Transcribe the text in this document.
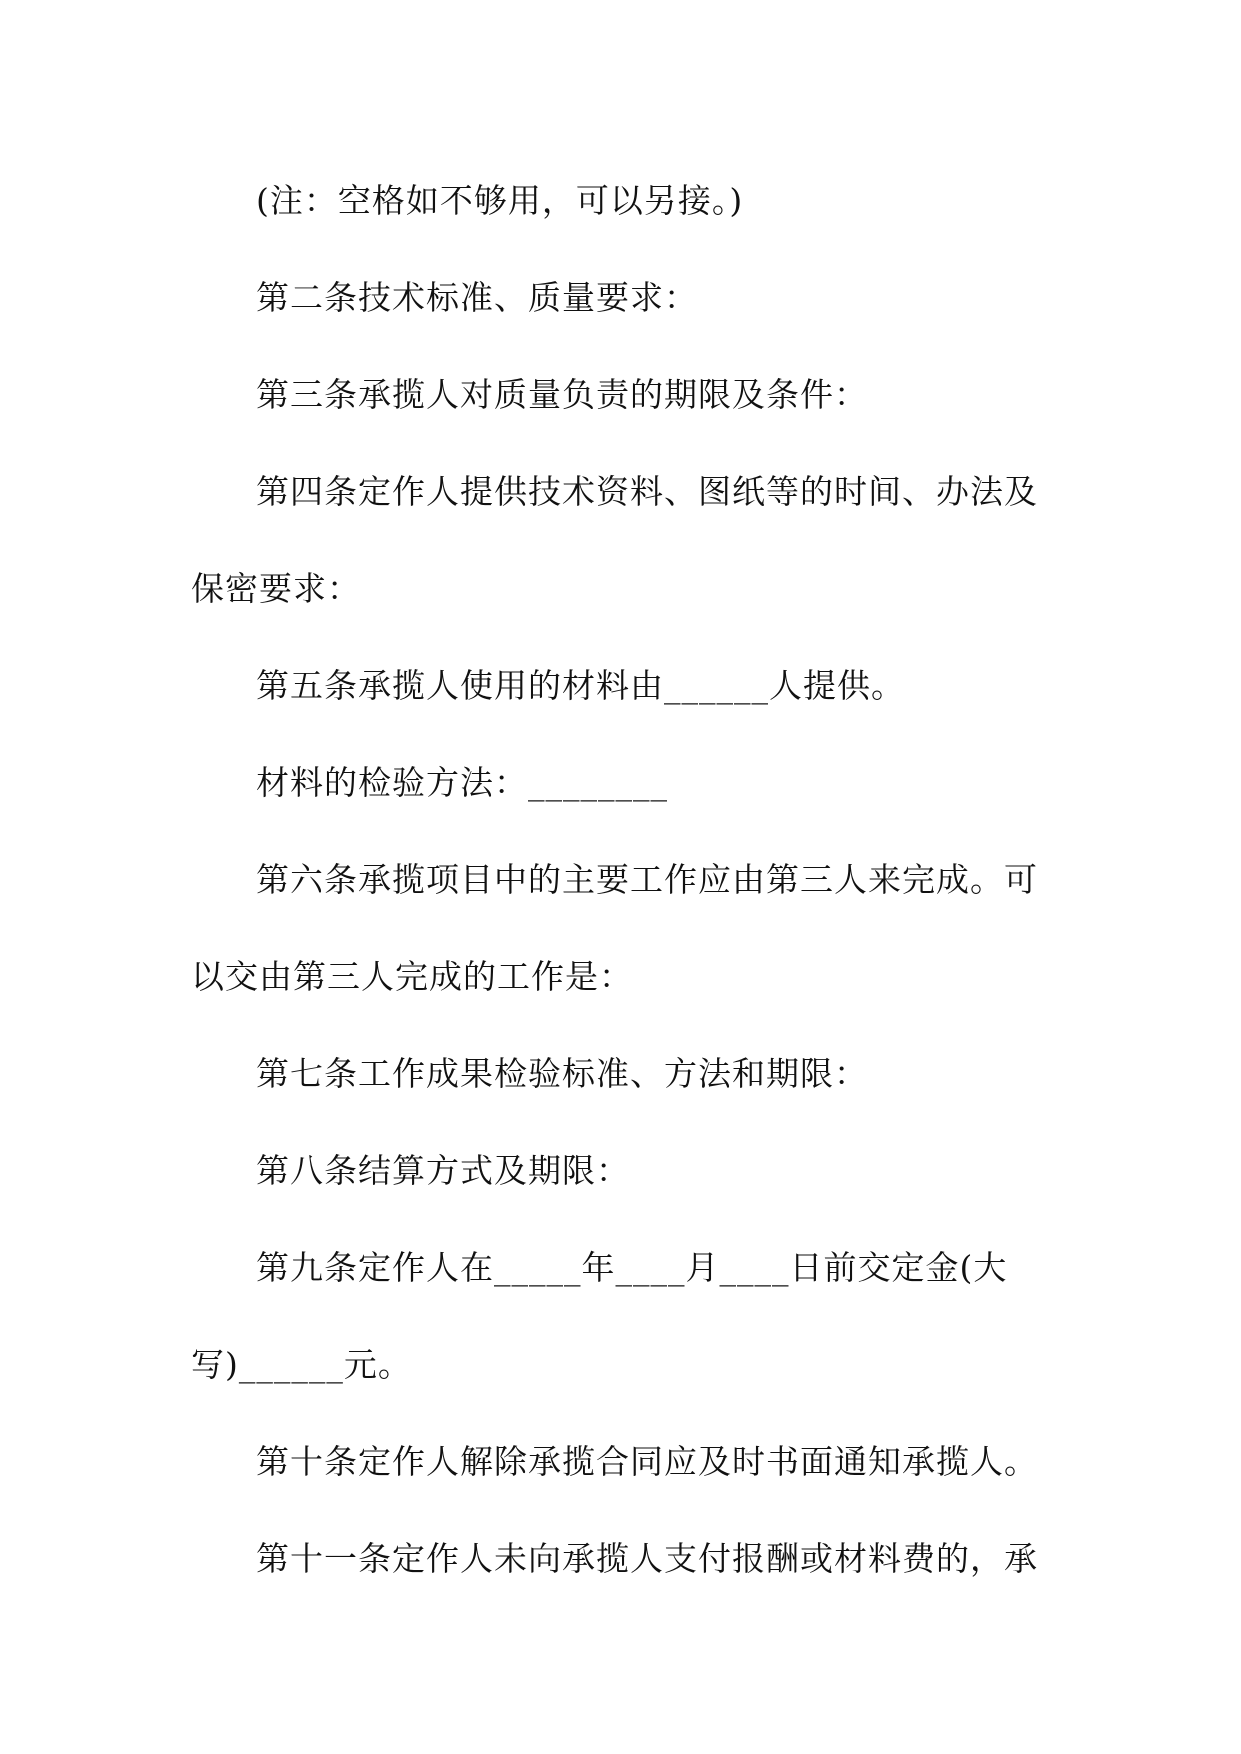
(注：空格如不够用，可以另接。)
第二条技术标准、质量要求：
第三条承揽人对质量负责的期限及条件：
第四条定作人提供技术资料、图纸等的时间、办法及
保密要求：
第五条承揽人使用的材料由______人提供。
材料的检验方法：________
第六条承揽项目中的主要工作应由第三人来完成。可
以交由第三人完成的工作是：
第七条工作成果检验标准、方法和期限：
第八条结算方式及期限：
第九条定作人在_____年____月____日前交定金(大
写)______元。
第十条定作人解除承揽合同应及时书面通知承揽人。
第十一条定作人未向承揽人支付报酬或材料费的，承
